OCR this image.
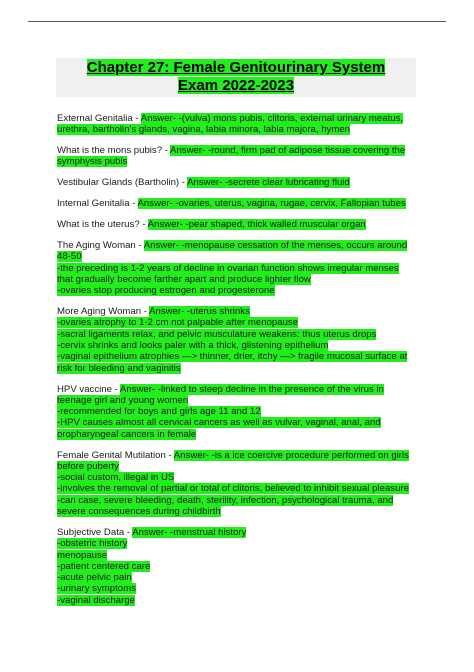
Chapter 27: Female Genitourinary System
Exam 2022-2023
External Genitalia - Answer- -(vulva) mons pubis, clitoris, external urinary meatus, urethra, bartholin's glands, vagina, labia minora, labia majora, hymen
What is the mons pubis? - Answer- -round, firm pad of adipose tissue covering the symphysis pubis
Vestibular Glands (Bartholin) - Answer- -secrete clear lubricating fluid
Internal Genitalia - Answer- -ovaries, uterus, vagina, rugae, cervix, Fallopian tubes
What is the uterus? - Answer- -pear shaped, thick walled muscular organ
The Aging Woman - Answer- -menopause cessation of the menses, occurs around 48-50
-the preceding is 1-2 years of decline in ovarian function shows irregular menses that gradually become farther apart and produce lighter flow
-ovaries stop producing estrogen and progesterone
More Aging Woman - Answer- -uterus shrinks
-ovaries atrophy to 1-2 cm not palpable after menopause
-sacral ligaments relax, and pelvic musculature weakens: thus uterus drops
-cervix shrinks and looks paler with a thick, glistening epithelium
-vaginal epithelium atrophies —> thinner, drier, itchy —> fragile mucosal surface at risk for bleeding and vaginitis
HPV vaccine - Answer- -linked to steep decline in the presence of the virus in teenage girl and young women
-recommended for boys and girls age 11 and 12
-HPV causes almost all cervical cancers as well as vulvar, vaginal, anal, and oropharyngeal cancers in female
Female Genital Mutilation - Answer- -is a ice coercive procedure performed on girls before puberty
-social custom, illegal in US
-involves the removal of partial or total of clitoris, believed to inhibit sexual pleasure
-can case, severe bleeding, death, sterility, infection, psychological trauma, and severe consequences during childbirth
Subjective Data - Answer- -menstrual history
-obstetric history
menopause
-patient centered care
-acute pelvic pain
-urinary symptoms
-vaginal discharge
